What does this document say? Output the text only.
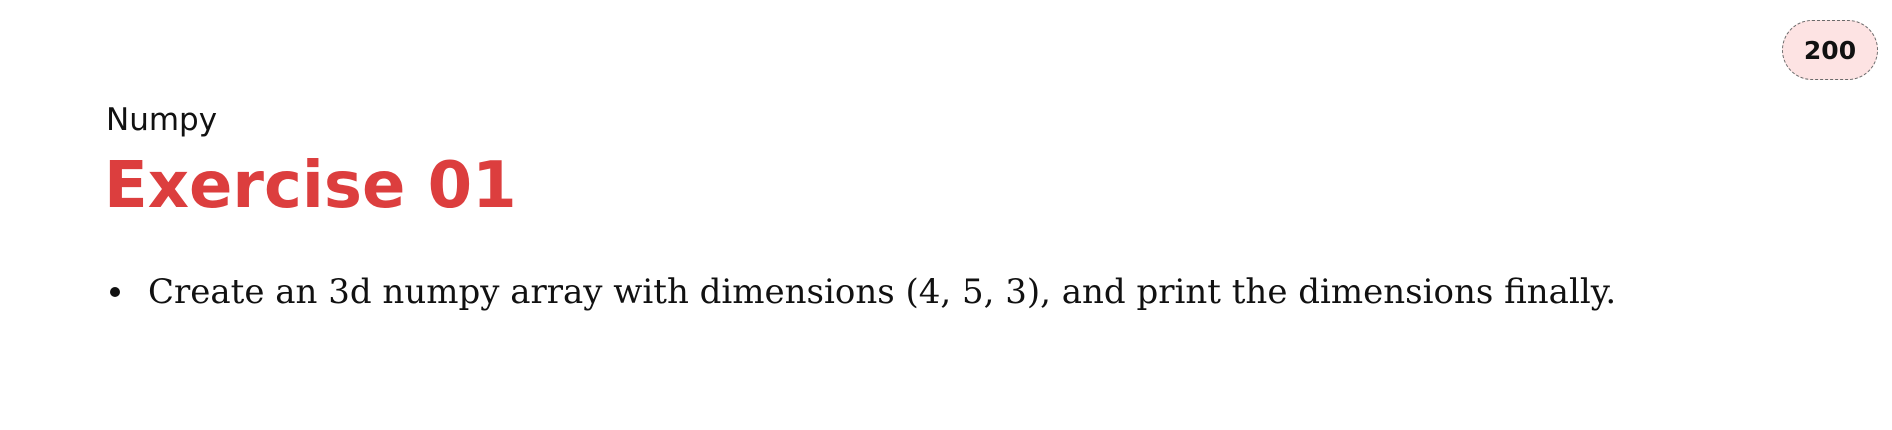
200
Numpy
Exercise 01
Create an 3d numpy array with dimensions (4, 5, 3), and print the dimensions finally.
